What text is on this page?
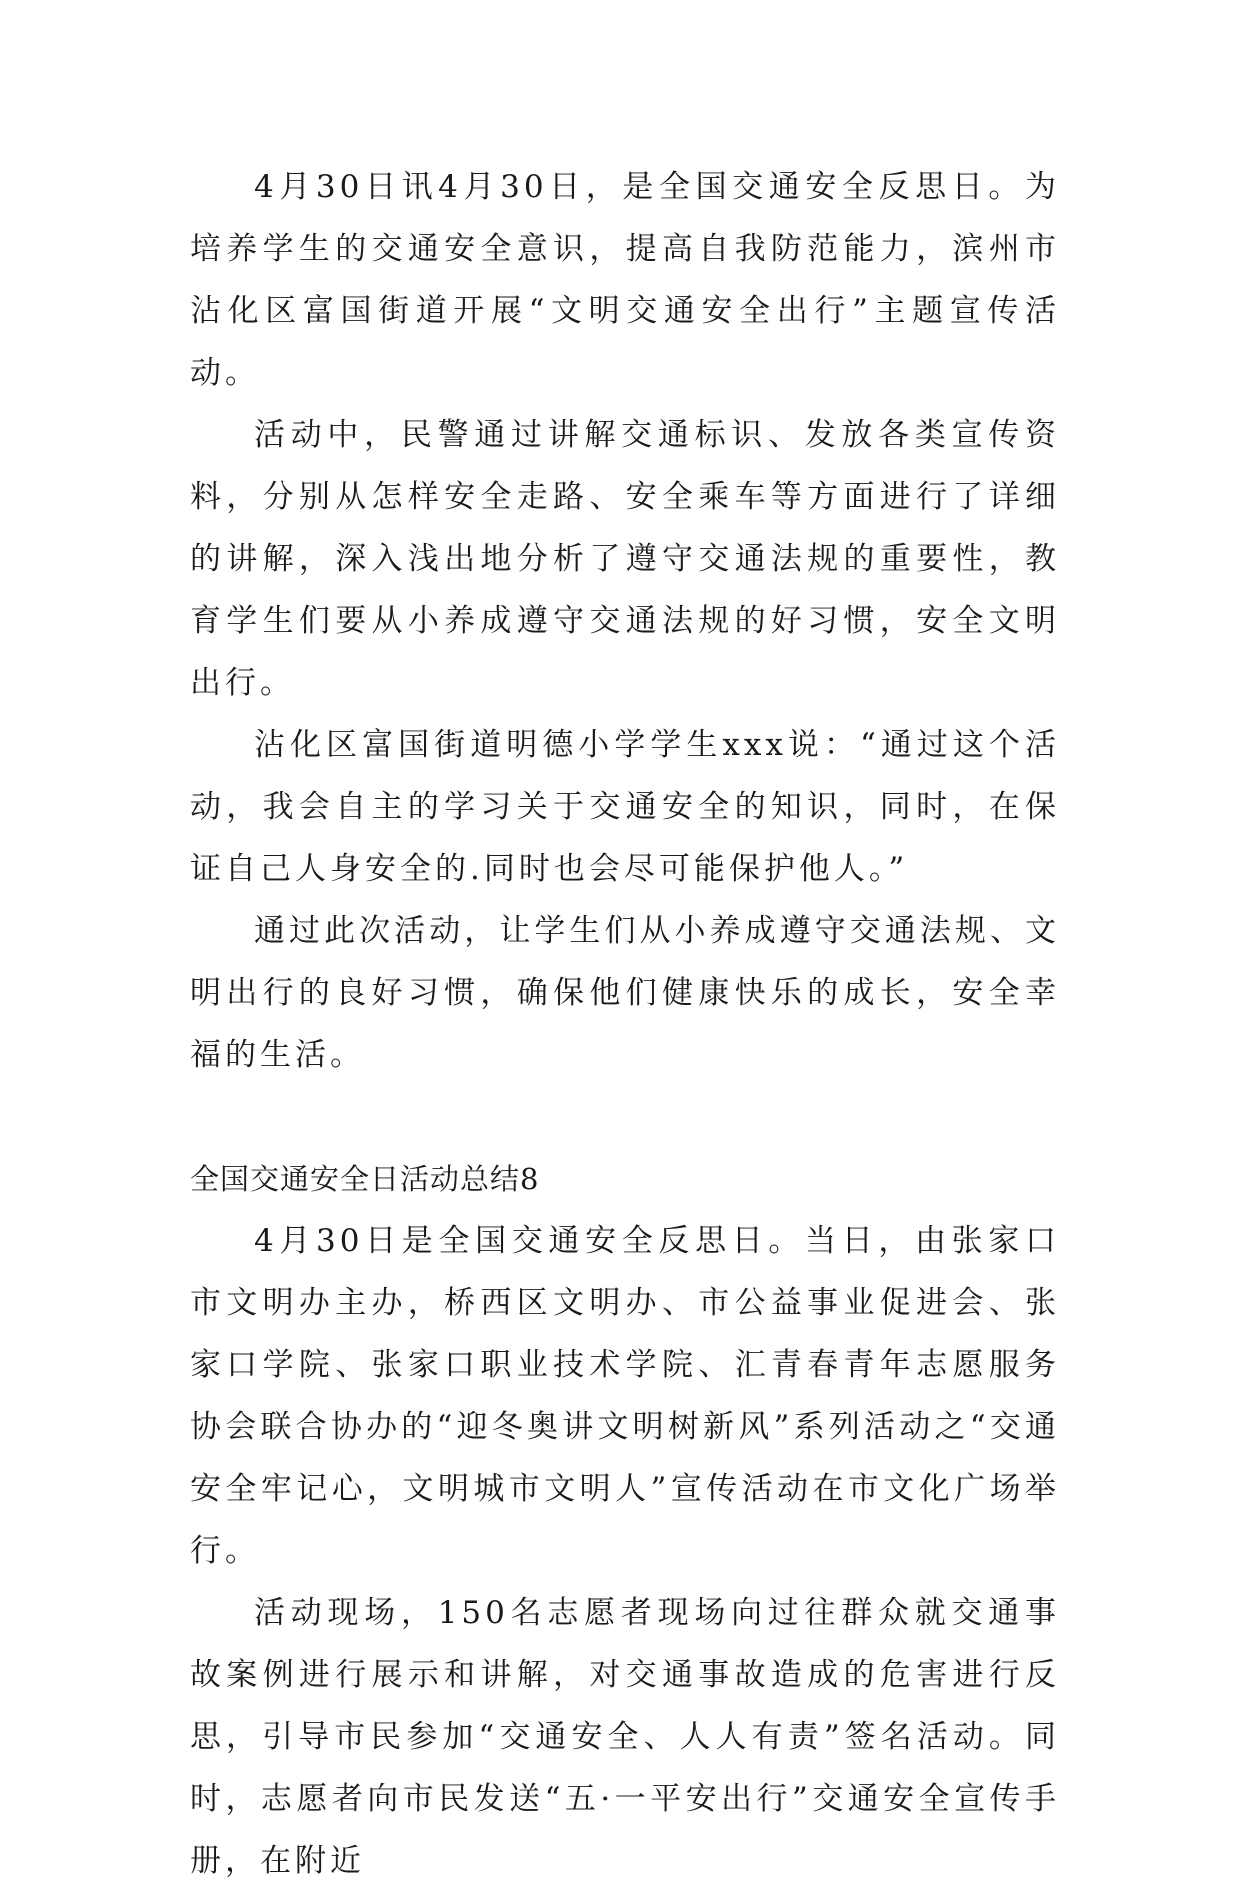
4月30日讯4月30日，是全国交通安全反思日。为培养学生的交通安全意识，提高自我防范能力，滨州市沾化区富国街道开展“文明交通安全出行”主题宣传活动。

活动中，民警通过讲解交通标识、发放各类宣传资料，分别从怎样安全走路、安全乘车等方面进行了详细的讲解，深入浅出地分析了遵守交通法规的重要性，教育学生们要从小养成遵守交通法规的好习惯，安全文明出行。

沾化区富国街道明德小学学生xxx说：“通过这个活动，我会自主的学习关于交通安全的知识，同时，在保证自己人身安全的.同时也会尽可能保护他人。”

通过此次活动，让学生们从小养成遵守交通法规、文明出行的良好习惯，确保他们健康快乐的成长，安全幸福的生活。

全国交通安全日活动总结8

4月30日是全国交通安全反思日。当日，由张家口市文明办主办，桥西区文明办、市公益事业促进会、张家口学院、张家口职业技术学院、汇青春青年志愿服务协会联合协办的“迎冬奥讲文明树新风”系列活动之“交通安全牢记心，文明城市文明人”宣传活动在市文化广场举行。

活动现场，150名志愿者现场向过往群众就交通事故案例进行展示和讲解，对交通事故造成的危害进行反思，引导市民参加“交通安全、人人有责”签名活动。同时，志愿者向市民发送“五·一平安出行”交通安全宣传手册，在附近
